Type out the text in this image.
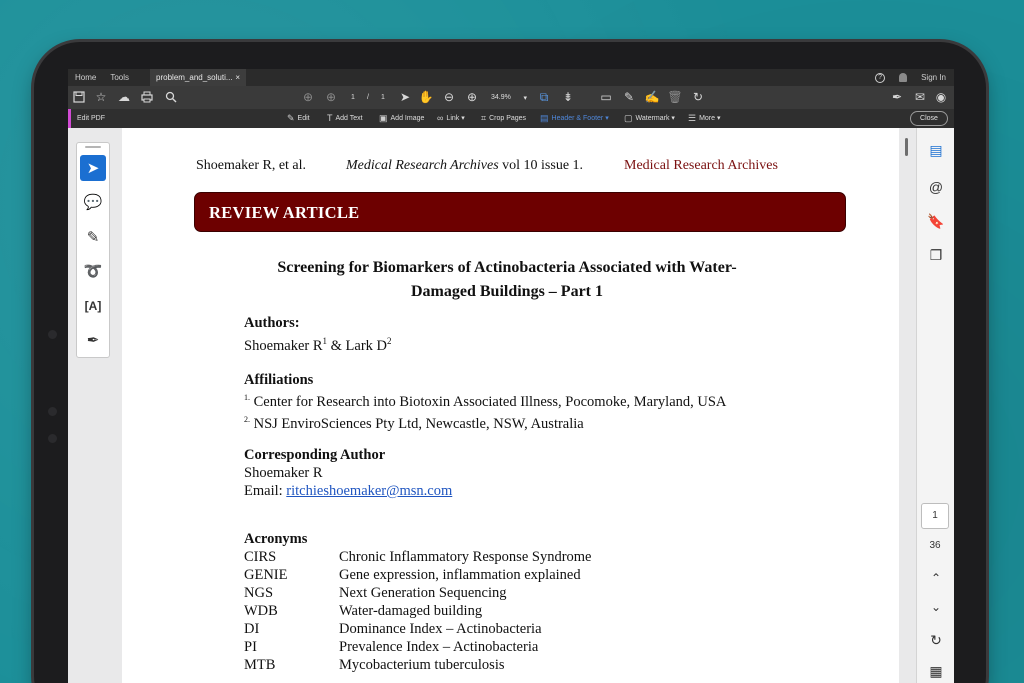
Home	Tools	problem_and_soluti... ×	?	Sign In
☆ ☁	⊕ ⊕ 1 / 1 ➤ ✋ ⊖ ⊕ 34.9% ▾ ⧉ ⇟ ▭ ✎ ✍ 🗑 ↻	✒ ✉ ◉
Edit PDF	✎ Edit T Add Text ▣ Add Image ∞ Link ▾ ⌗ Crop Pages ▤ Header & Footer ▾ ▢ Watermark ▾ ☰ More ▾	Close
➤
💬
✎
➰
[A]
✒
Shoemaker R, et al.	Medical Research Archives vol 10 issue 1.	Medical Research Archives
REVIEW ARTICLE
Screening for Biomarkers of Actinobacteria Associated with Water-
Damaged Buildings – Part 1
Authors:
Shoemaker $R^1$ & Lark $D^2$
Affiliations
$^{1.}$ Center for Research into Biotoxin Associated Illness, Pocomoke, Maryland, USA
$^{2.}$ NSJ EnviroSciences Pty Ltd, Newcastle, NSW, Australia
Corresponding Author
Shoemaker R
Email: ritchieshoemaker@msn.com
Acronyms
CIRS	Chronic Inflammatory Response Syndrome
GENIE	Gene expression, inflammation explained
NGS	Next Generation Sequencing
WDB	Water-damaged building
DI	Dominance Index – Actinobacteria
PI	Prevalence Index – Actinobacteria
MTB	Mycobacterium tuberculosis
▤
@
🔖
❐
1
36
⌃
⌄
↻
▦
